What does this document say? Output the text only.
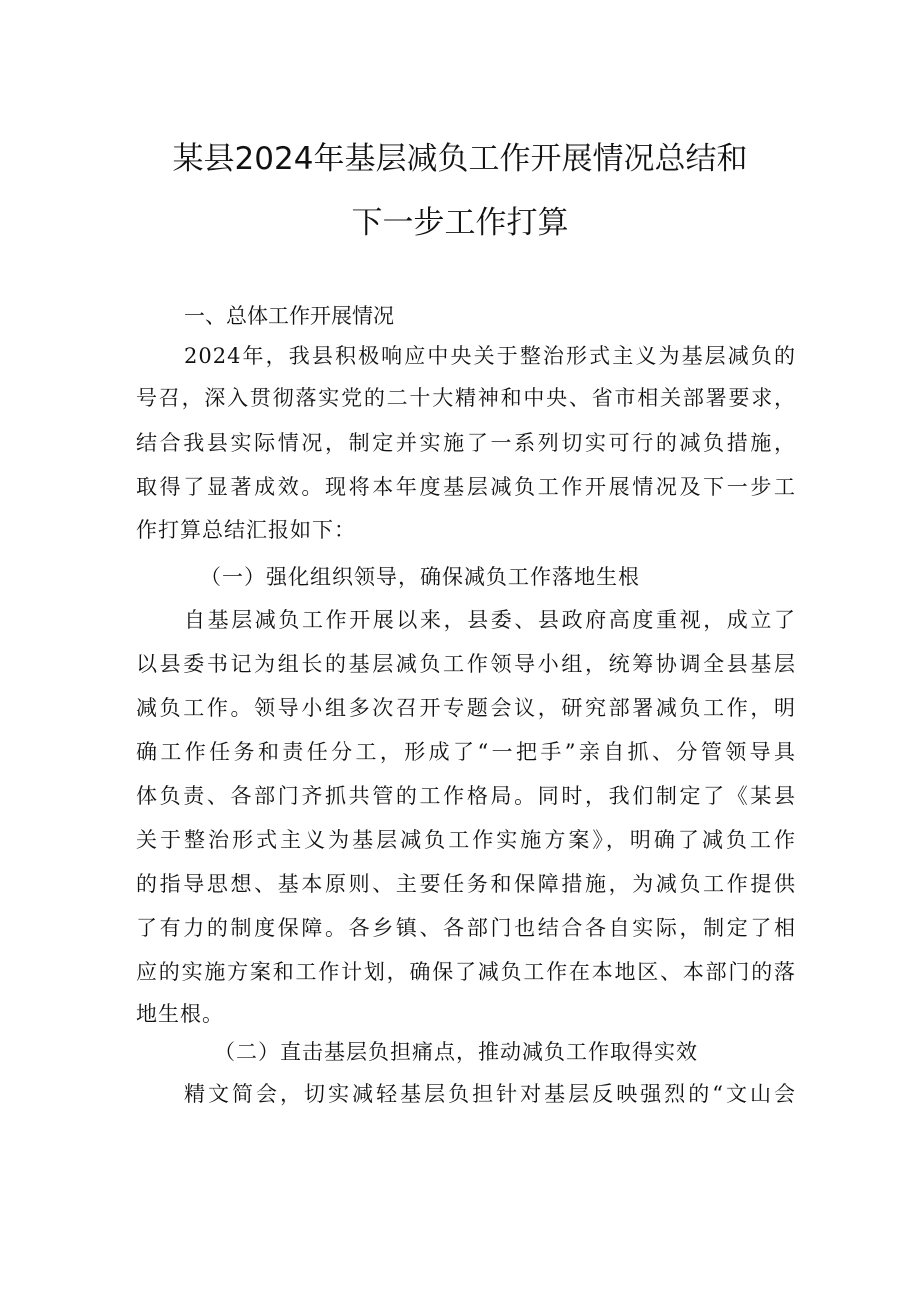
某县2024年基层减负工作开展情况总结和
下一步工作打算
一、总体工作开展情况
2024年，我县积极响应中央关于整治形式主义为基层减负的
号召，深入贯彻落实党的二十大精神和中央、省市相关部署要求，
结合我县实际情况，制定并实施了一系列切实可行的减负措施，
取得了显著成效。现将本年度基层减负工作开展情况及下一步工
作打算总结汇报如下：
（一）强化组织领导，确保减负工作落地生根
自基层减负工作开展以来，县委、县政府高度重视，成立了
以县委书记为组长的基层减负工作领导小组，统筹协调全县基层
减负工作。领导小组多次召开专题会议，研究部署减负工作，明
确工作任务和责任分工，形成了“一把手”亲自抓、分管领导具
体负责、各部门齐抓共管的工作格局。同时，我们制定了《某县
关于整治形式主义为基层减负工作实施方案》，明确了减负工作
的指导思想、基本原则、主要任务和保障措施，为减负工作提供
了有力的制度保障。各乡镇、各部门也结合各自实际，制定了相
应的实施方案和工作计划，确保了减负工作在本地区、本部门的落
地生根。
（二）直击基层负担痛点，推动减负工作取得实效
精文简会，切实减轻基层负担针对基层反映强烈的“文山会
